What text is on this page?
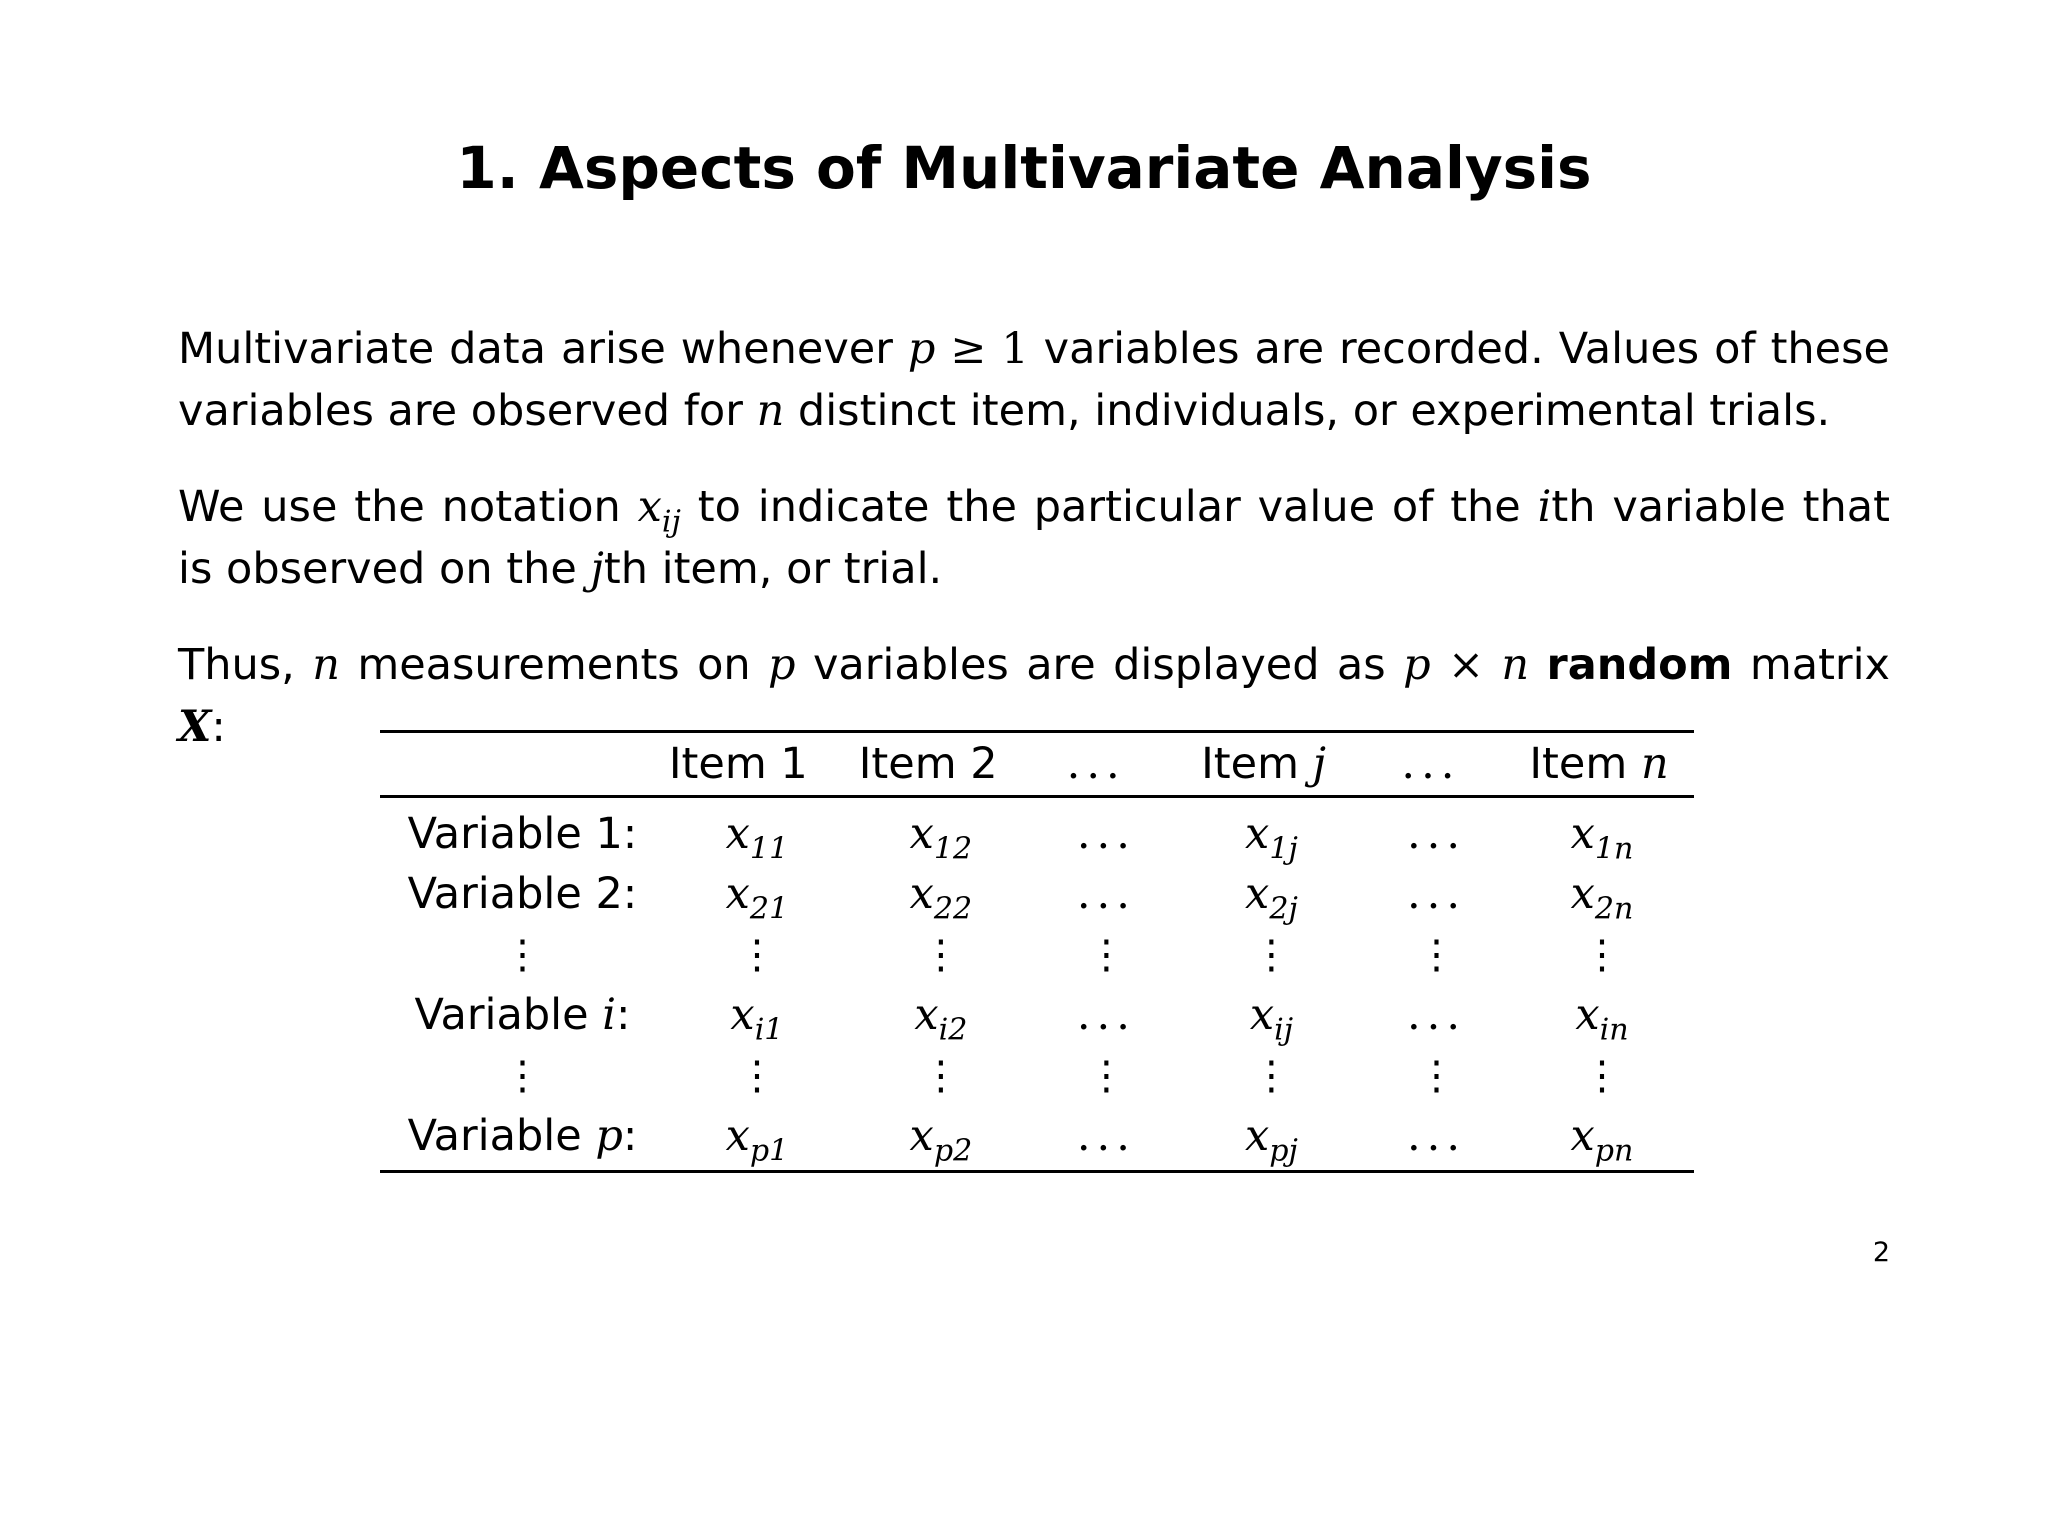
1. Aspects of Multivariate Analysis

Multivariate data arise whenever p ≥ 1 variables are recorded. Values of these variables are observed for n distinct item, individuals, or experimental trials.

We use the notation $x_{ij}$ to indicate the particular value of the ith variable that is observed on the jth item, or trial.

Thus, n measurements on p variables are displayed as p × n random matrix X:

	Item 1	Item 2	...	Item j	...	Item n
Variable 1:	$x_{11}$	$x_{12}$	...	$x_{1j}$	...	$x_{1n}$
Variable 2:	$x_{21}$	$x_{22}$	...	$x_{2j}$	...	$x_{2n}$
⋮	⋮	⋮	⋮	⋮	⋮	⋮
Variable i:	$x_{i1}$	$x_{i2}$	...	$x_{ij}$	...	$x_{in}$
⋮	⋮	⋮	⋮	⋮	⋮	⋮
Variable p:	$x_{p1}$	$x_{p2}$	...	$x_{pj}$	...	$x_{pn}$
2
